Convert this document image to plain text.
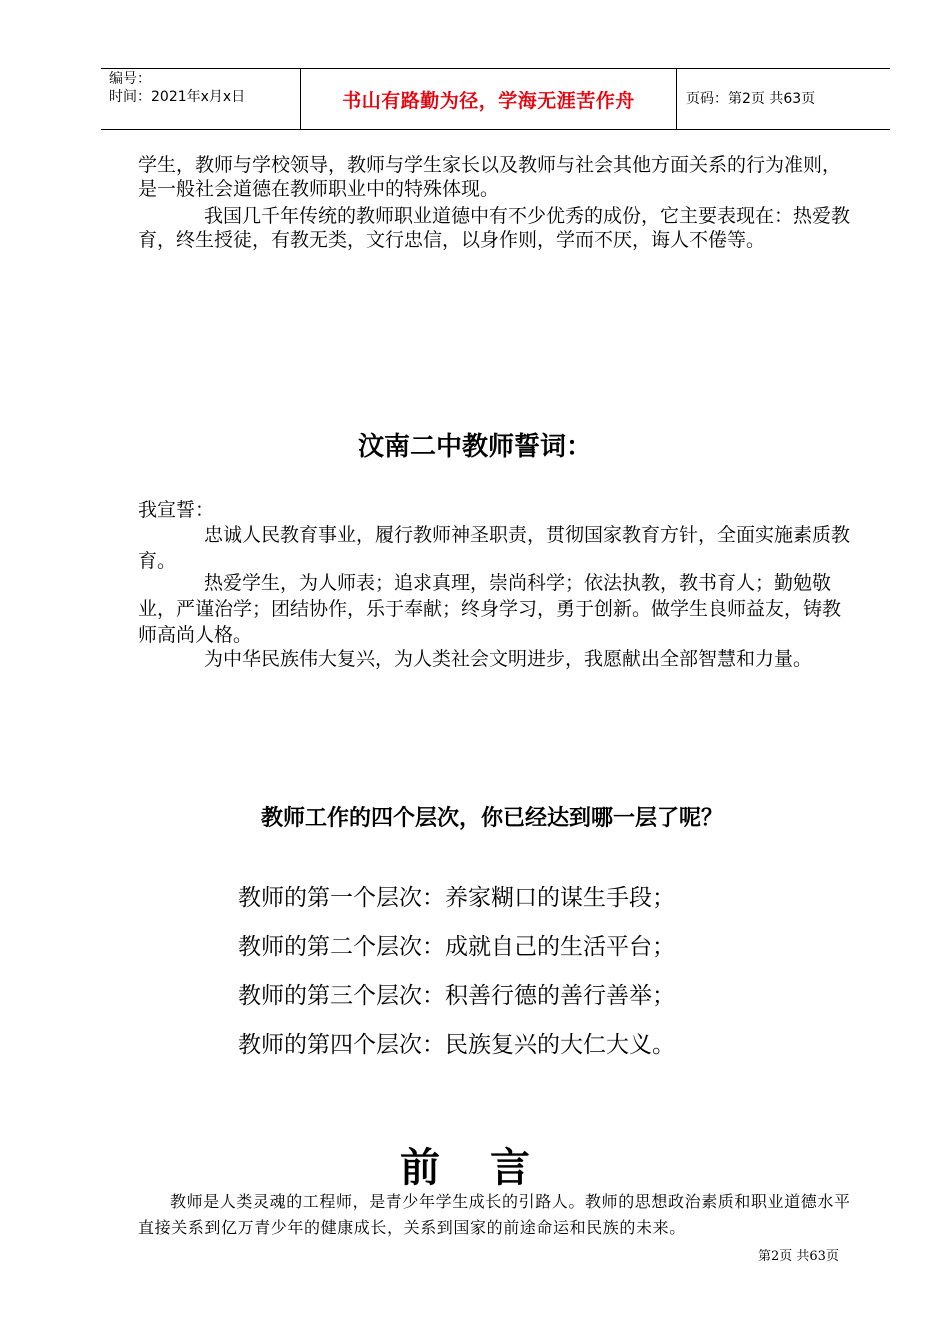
编号：
时间：2021年x月x日	书山有路勤为径，学海无涯苦作舟	页码：第2页 共63页
学生，教师与学校领导，教师与学生家长以及教师与社会其他方面关系的行为准则，是一般社会道德在教师职业中的特殊体现。
我国几千年传统的教师职业道德中有不少优秀的成份，它主要表现在：热爱教育，终生授徒，有教无类，文行忠信，以身作则，学而不厌，诲人不倦等。
汶南二中教师誓词：
我宣誓：
忠诚人民教育事业，履行教师神圣职责，贯彻国家教育方针，全面实施素质教育。
热爱学生，为人师表；追求真理，崇尚科学；依法执教，教书育人；勤勉敬业，严谨治学；团结协作，乐于奉献；终身学习，勇于创新。做学生良师益友，铸教师高尚人格。
为中华民族伟大复兴，为人类社会文明进步，我愿献出全部智慧和力量。
教师工作的四个层次，你已经达到哪一层了呢？
教师的第一个层次：养家糊口的谋生手段；
教师的第二个层次：成就自己的生活平台；
教师的第三个层次：积善行德的善行善举；
教师的第四个层次：民族复兴的大仁大义。
前言
教师是人类灵魂的工程师，是青少年学生成长的引路人。教师的思想政治素质和职业道德水平直接关系到亿万青少年的健康成长，关系到国家的前途命运和民族的未来。
第2页 共63页
